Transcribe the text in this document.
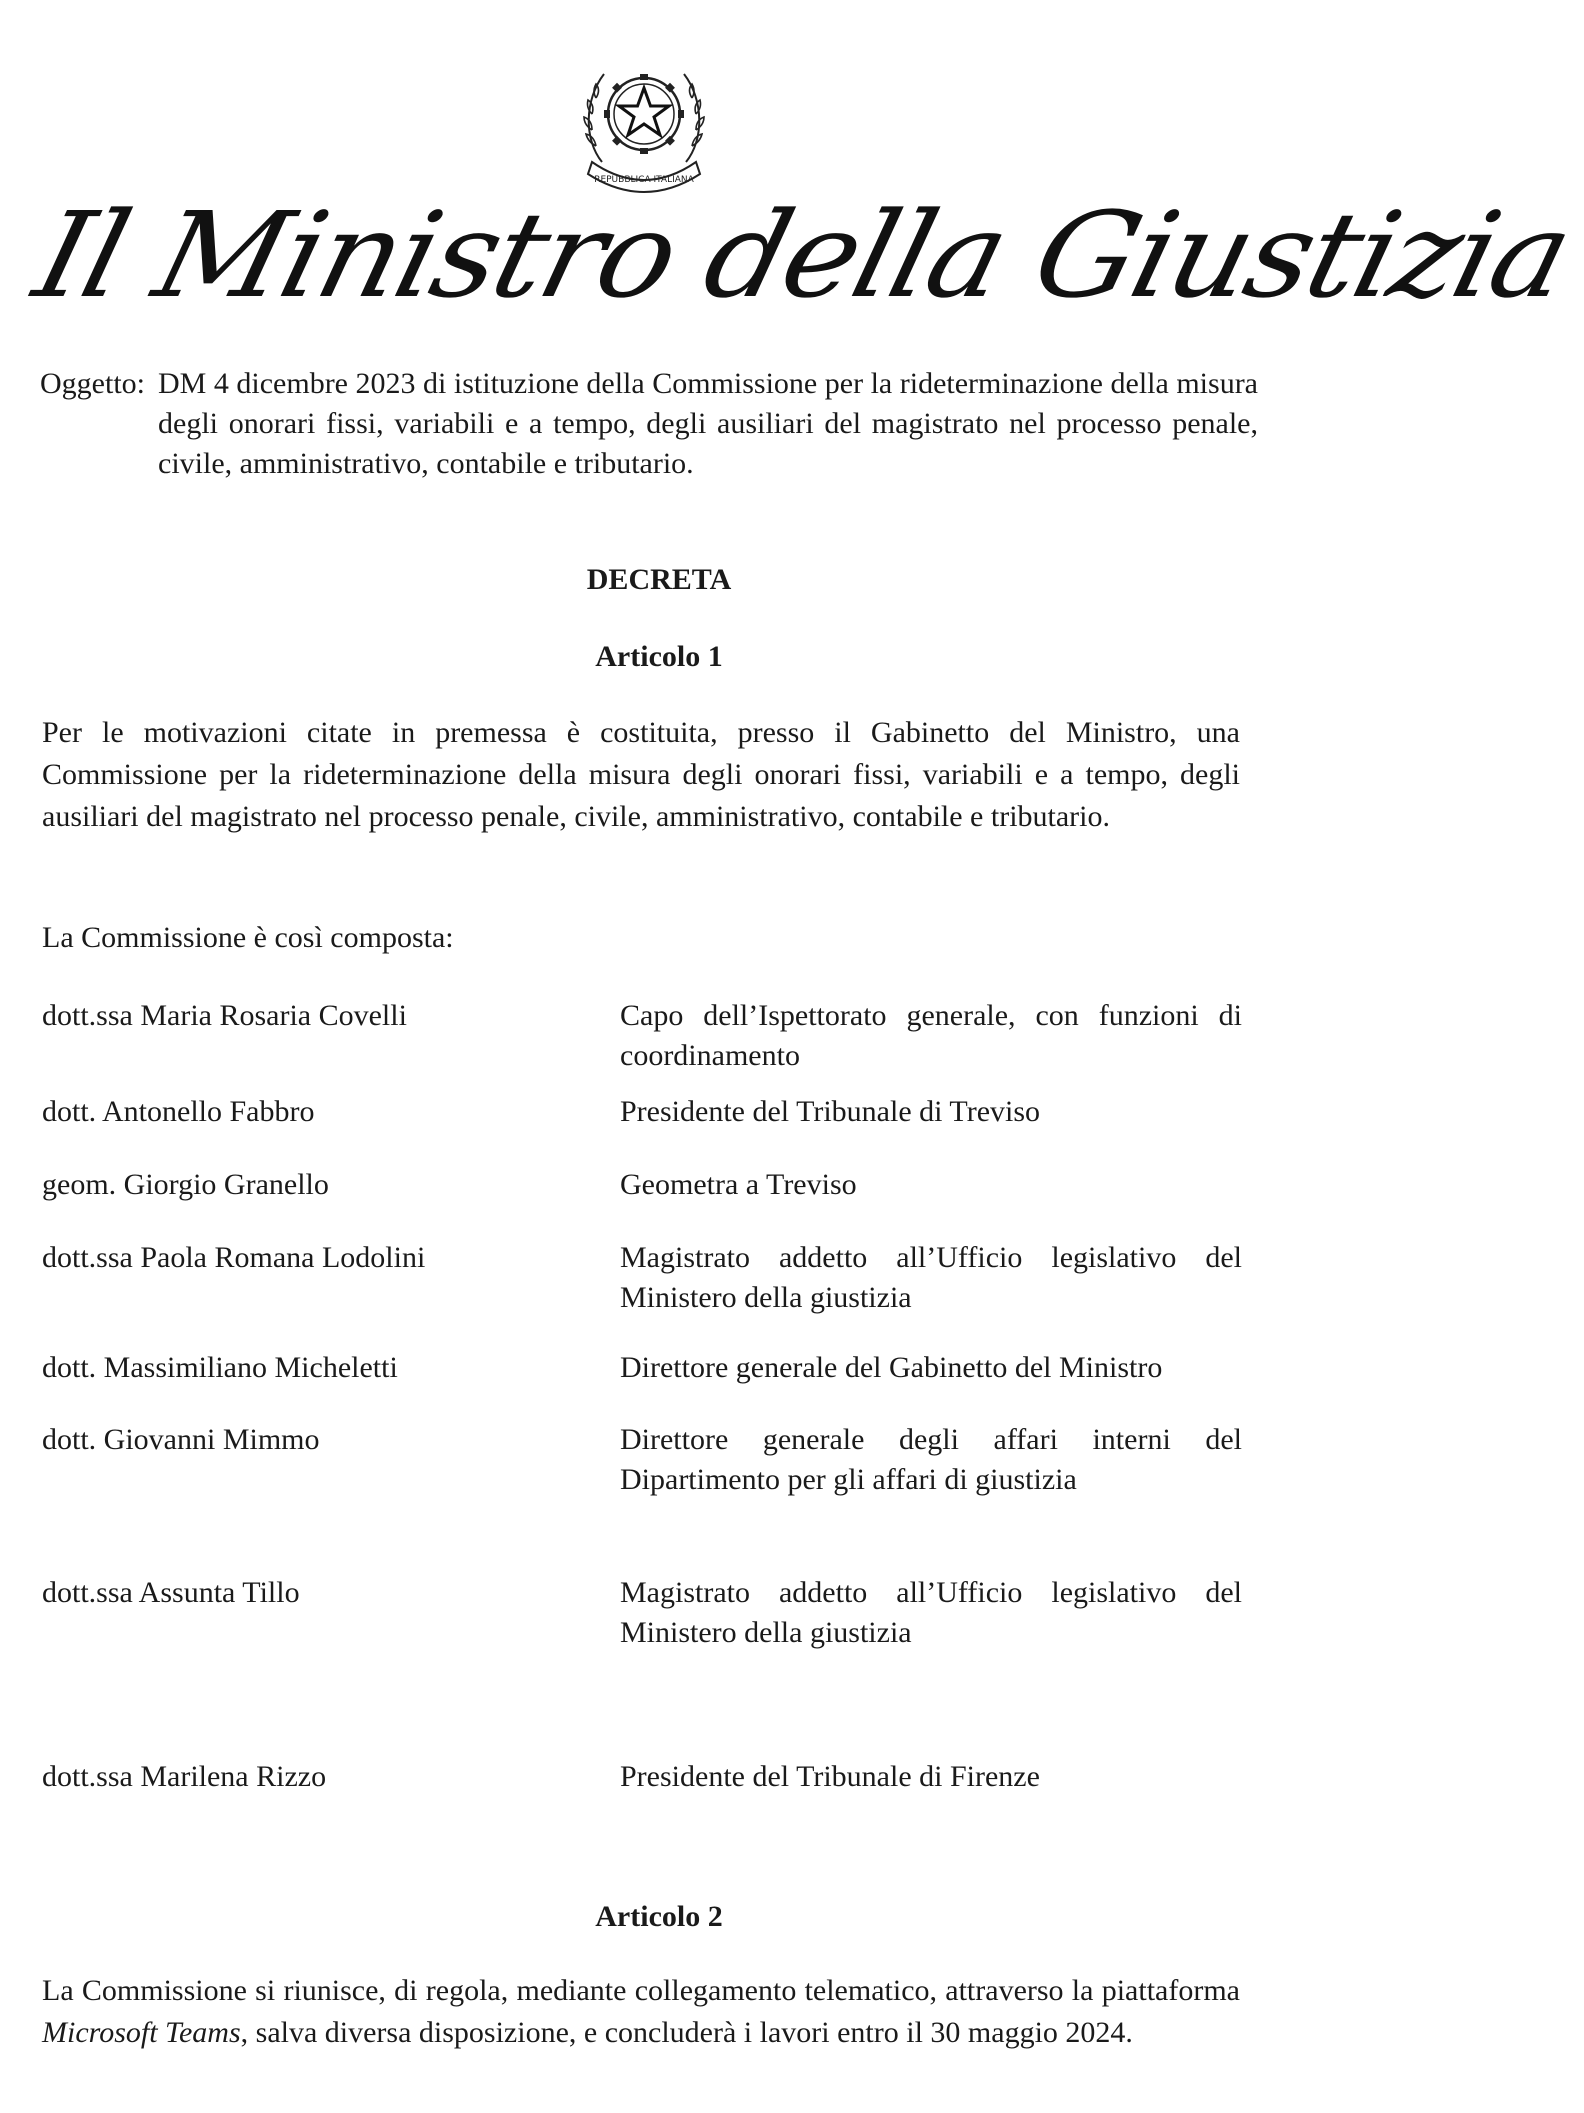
REPUBBLICA ITALIANA
Il Ministro della Giustizia
Oggetto: DM 4 dicembre 2023 di istituzione della Commissione per la rideterminazione della misura degli onorari fissi, variabili e a tempo, degli ausiliari del magistrato nel processo penale, civile, amministrativo, contabile e tributario.
DECRETA
Articolo 1
Per le motivazioni citate in premessa è costituita, presso il Gabinetto del Ministro, una Commissione per la rideterminazione della misura degli onorari fissi, variabili e a tempo, degli ausiliari del magistrato nel processo penale, civile, amministrativo, contabile e tributario.
La Commissione è così composta:
dott.ssa Maria Rosaria Covelli	Capo dell’Ispettorato generale, con funzioni di coordinamento
dott. Antonello Fabbro	Presidente del Tribunale di Treviso
geom. Giorgio Granello	Geometra a Treviso
dott.ssa Paola Romana Lodolini	Magistrato addetto all’Ufficio legislativo del Ministero della giustizia
dott. Massimiliano Micheletti	Direttore generale del Gabinetto del Ministro
dott. Giovanni Mimmo	Direttore generale degli affari interni del Dipartimento per gli affari di giustizia
dott.ssa Assunta Tillo	Magistrato addetto all’Ufficio legislativo del Ministero della giustizia
dott.ssa Marilena Rizzo	Presidente del Tribunale di Firenze
Articolo 2
La Commissione si riunisce, di regola, mediante collegamento telematico, attraverso la piattaforma Microsoft Teams, salva diversa disposizione, e concluderà i lavori entro il 30 maggio 2024.
